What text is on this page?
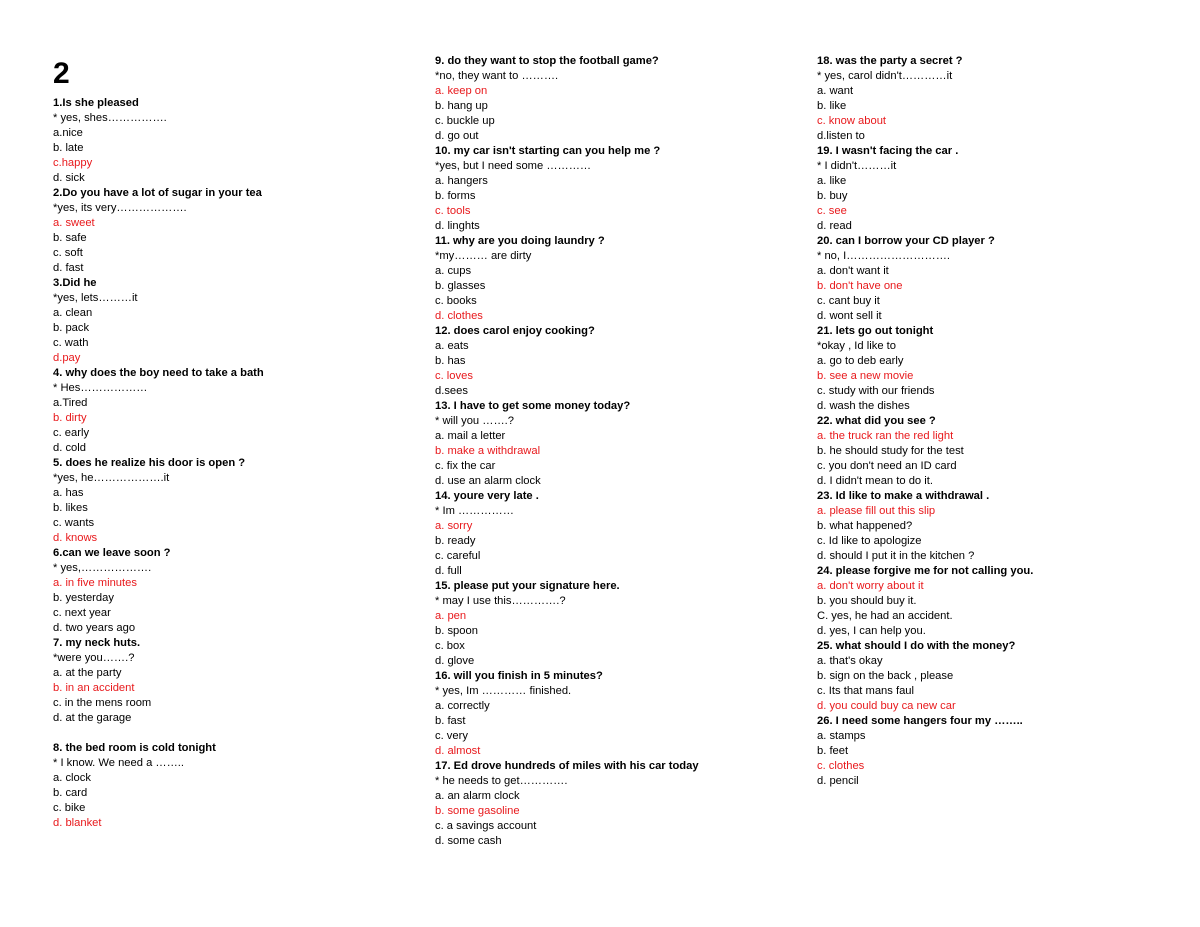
2
1.Is she pleased
* yes, shes…………….
a.nice
b. late
c.happy
d. sick
2.Do you have a lot of sugar in your tea
*yes, its very……………….
a. sweet
b. safe
c. soft
d. fast
3.Did he
*yes, lets………it
a. clean
b. pack
c. wath
d.pay
4. why does the boy need to take a bath
* Hes………………
a.Tired
b. dirty
c. early
d. cold
5. does he realize his door is open ?
*yes, he……………….it
a. has
b. likes
c. wants
d. knows
6.can we leave soon ?
* yes,……………….
a. in five minutes
b. yesterday
c. next year
d. two years ago
7. my neck huts.
*were you…….?
a. at the party
b. in an accident
c. in the mens room
d. at the garage
8. the bed room is cold tonight
* I know. We need a ……..
a. clock
b. card
c. bike
d. blanket
9. do they want to stop the football game?
*no, they want to ……….
a. keep on
b. hang up
c. buckle up
d. go out
10. my car isn't starting can you help me ?
*yes, but I need some …………
a. hangers
b. forms
c. tools
d. linghts
11. why are you doing laundry ?
*my……… are dirty
a. cups
b. glasses
c. books
d. clothes
12. does carol enjoy cooking?
a. eats
b. has
c. loves
d.sees
13. I have to get some money today?
* will you …….?
a. mail a letter
b. make a withdrawal
c. fix the car
d. use an alarm clock
14. youre very late .
* Im ……………
a. sorry
b. ready
c. careful
d. full
15. please put your signature here.
* may I use this………….?
a. pen
b. spoon
c. box
d. glove
16. will you finish in 5 minutes?
* yes, Im ………… finished.
a. correctly
b. fast
c. very
d. almost
17. Ed drove hundreds of miles with his car today
* he needs to get………….
a. an alarm clock
b. some gasoline
c. a savings account
d. some cash
18. was the party a secret ?
* yes, carol didn't…………it
a. want
b. like
c. know about
d.listen to
19. I wasn't facing the car .
* I didn't………it
a. like
b. buy
c. see
d. read
20. can I borrow your CD player ?
* no, I……………………….
a. don't want it
b. don't have one
c. cant buy it
d. wont sell it
21. lets go out tonight
*okay , Id like to
a. go to deb early
b. see a new movie
c. study with our friends
d. wash the dishes
22. what did you see ?
a. the truck ran the red light
b. he should study for the test
c. you don't need an ID card
d. I didn't mean to do it.
23. Id like to make a withdrawal .
a. please fill out this slip
b. what happened?
c. Id like to apologize
d. should I put it in the kitchen ?
24. please forgive me for not calling you.
a. don't worry about it
b. you should buy it.
C. yes, he had an accident.
d. yes, I can help you.
25. what should I do with the money?
a. that's okay
b. sign on the back , please
c. Its that mans faul
d. you could buy ca new car
26. I need some hangers four my ……..
a. stamps
b. feet
c. clothes
d. pencil
